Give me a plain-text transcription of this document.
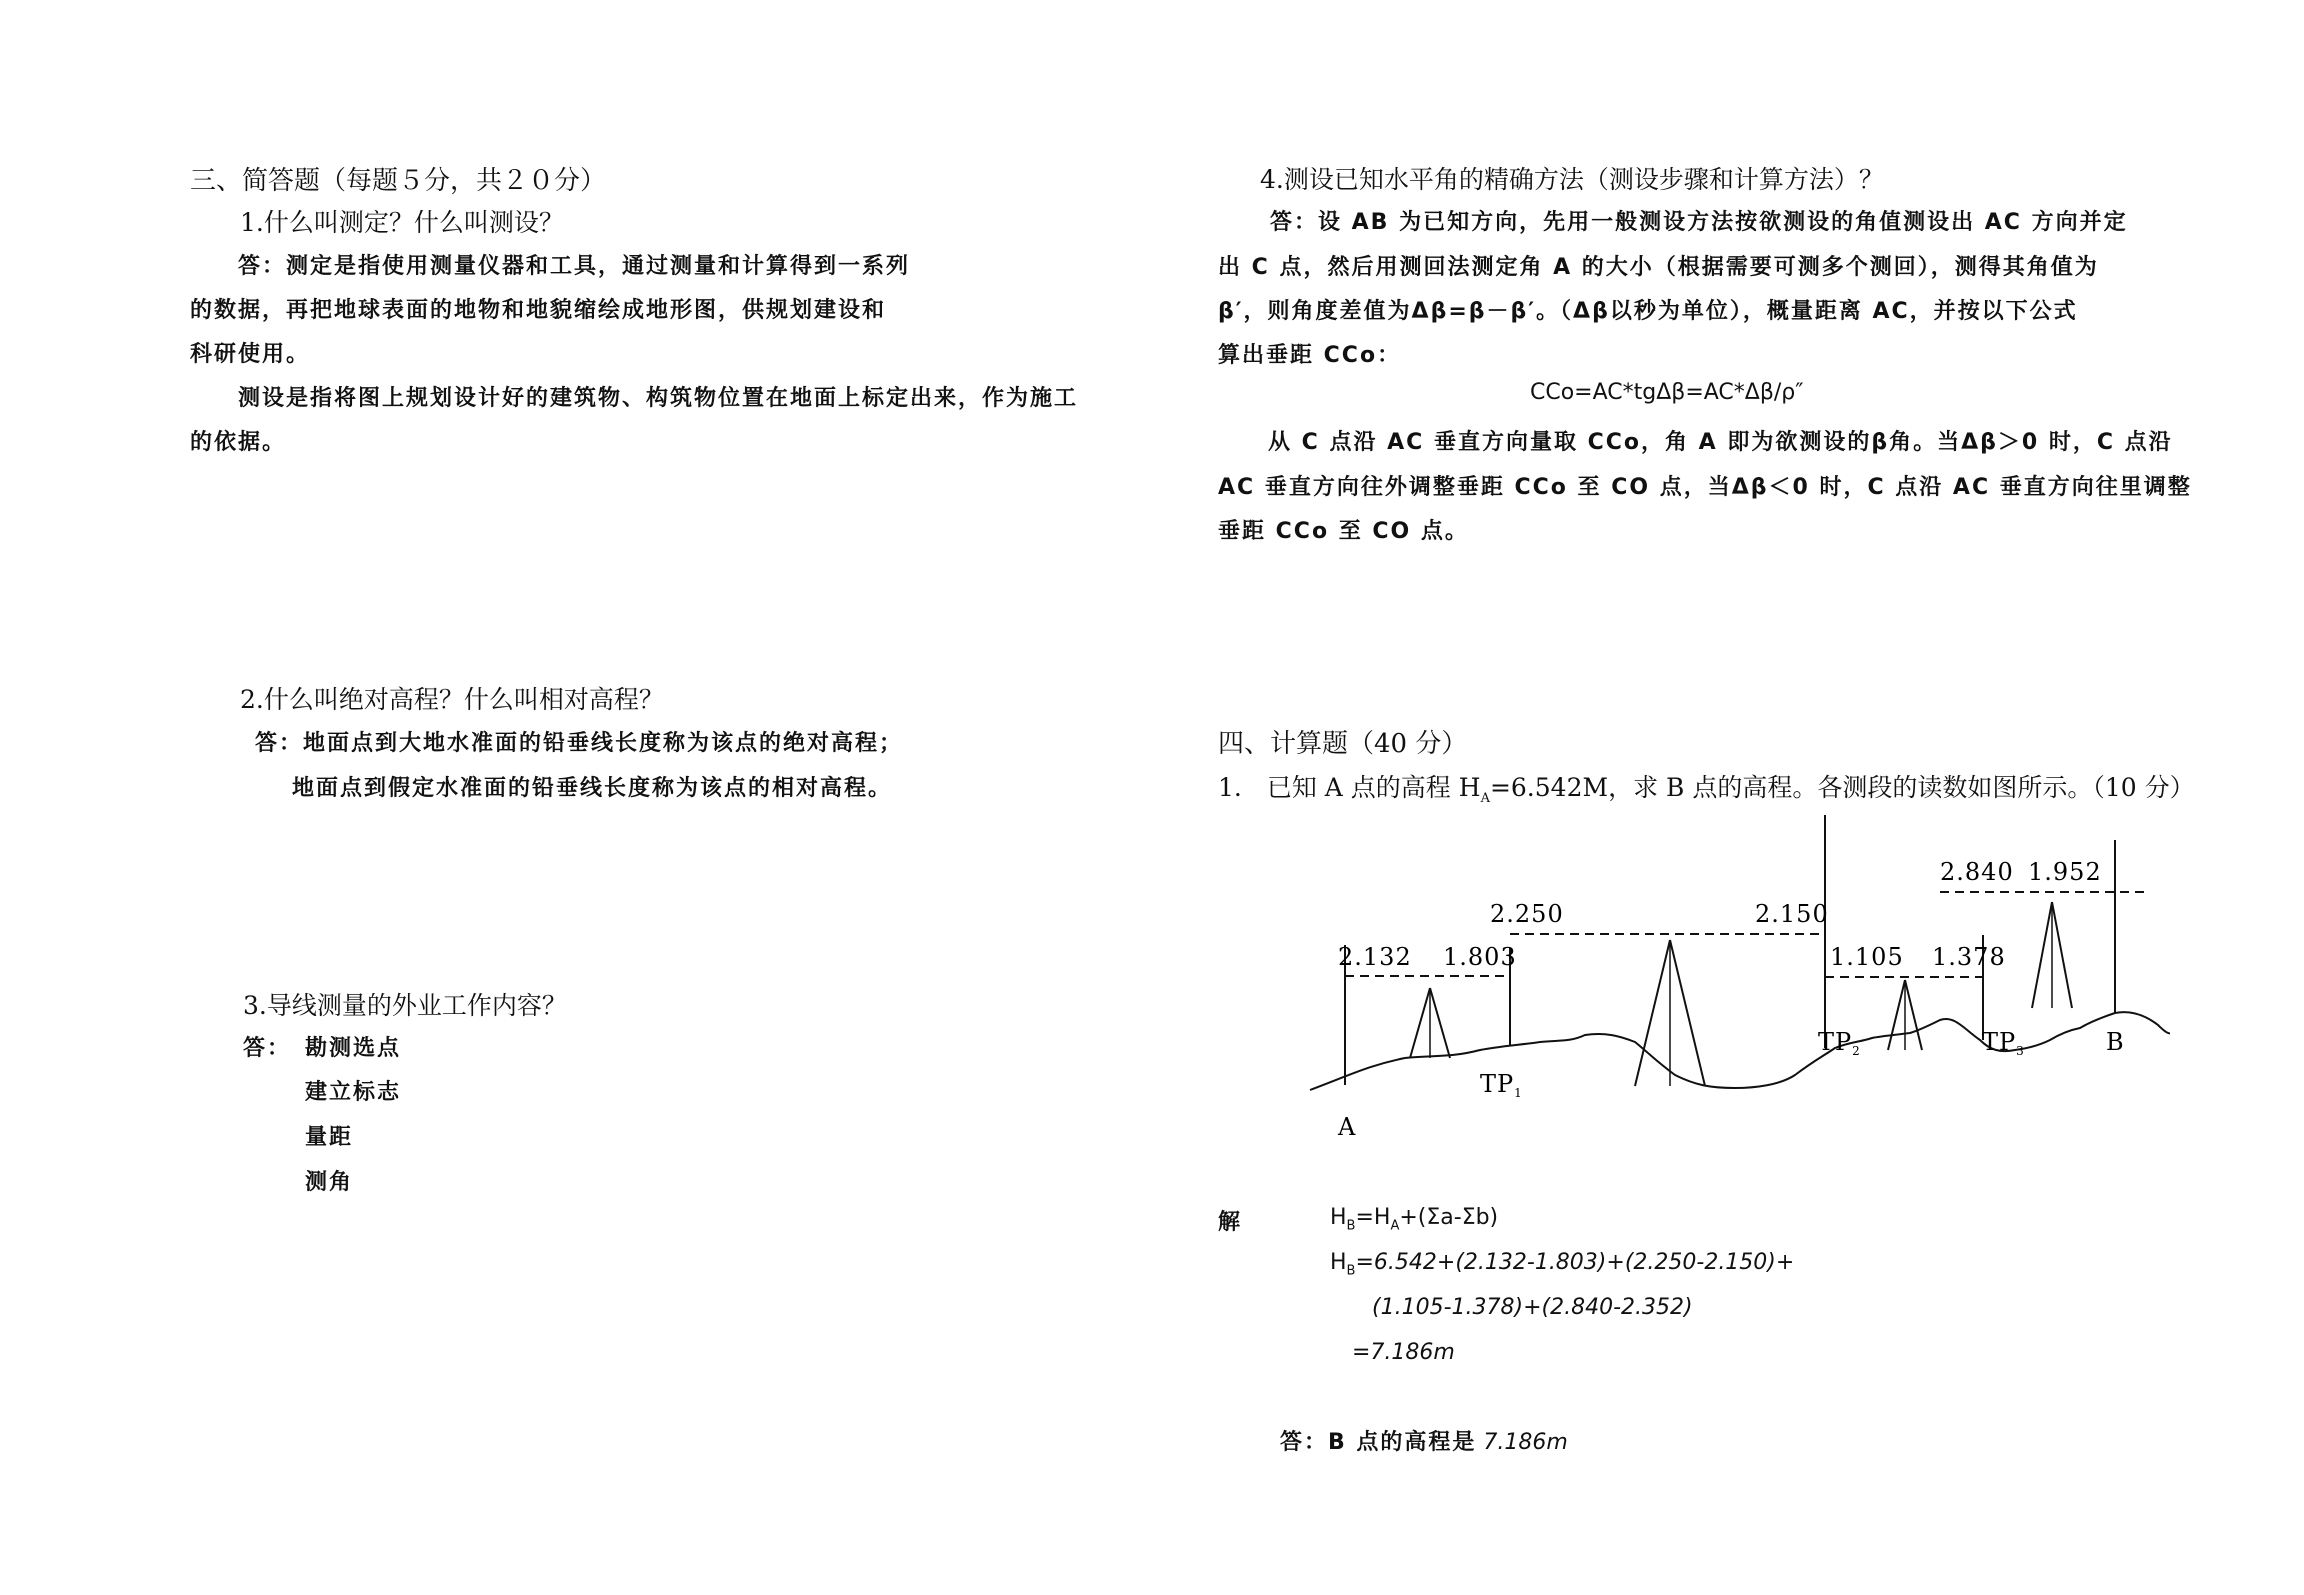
三、简答题（每题５分，共２０分）
1.什么叫测定？什么叫测设？
答：测定是指使用测量仪器和工具，通过测量和计算得到一系列
的数据，再把地球表面的地物和地貌缩绘成地形图，供规划建设和
科研使用。
测设是指将图上规划设计好的建筑物、构筑物位置在地面上标定出来，作为施工
的依据。
2.什么叫绝对高程？什么叫相对高程？
答：地面点到大地水准面的铅垂线长度称为该点的绝对高程；
地面点到假定水准面的铅垂线长度称为该点的相对高程。
3.导线测量的外业工作内容？
答： 勘测选点
建立标志
量距
测角
4.测设已知水平角的精确方法（测设步骤和计算方法）？
答：设 AB 为已知方向，先用一般测设方法按欲测设的角值测设出 AC 方向并定
出 C 点，然后用测回法测定角 A 的大小（根据需要可测多个测回），测得其角值为
β′，则角度差值为Δβ=β－β′。（Δβ以秒为单位），概量距离 AC，并按以下公式
算出垂距 CCo：
CCo=AC*tgΔβ=AC*Δβ/ρ″
从 C 点沿 AC 垂直方向量取 CCo，角 A 即为欲测设的β角。当Δβ＞0 时，C 点沿
AC 垂直方向往外调整垂距 CCo 至 CO 点，当Δβ＜0 时，C 点沿 AC 垂直方向往里调整
垂距 CCo 至 CO 点。
四、计算题（40 分）
1.　已知 A 点的高程 $H_A=6.542M$，求 B 点的高程。各测段的读数如图所示。（10 分）
2.132 1.803
2.250	2.150
1.105 1.378
2.840 1.952
A
$TP_1$
$TP_2$	$TP_3$	B
解	$H_B=H_A+(\Sigma a-\Sigma b)$
$H_B=6.542+(2.132-1.803)+(2.250-2.150)+$
(1.105-1.378)+(2.840-2.352)
=7.186m
答：B 点的高程是 7.186m
